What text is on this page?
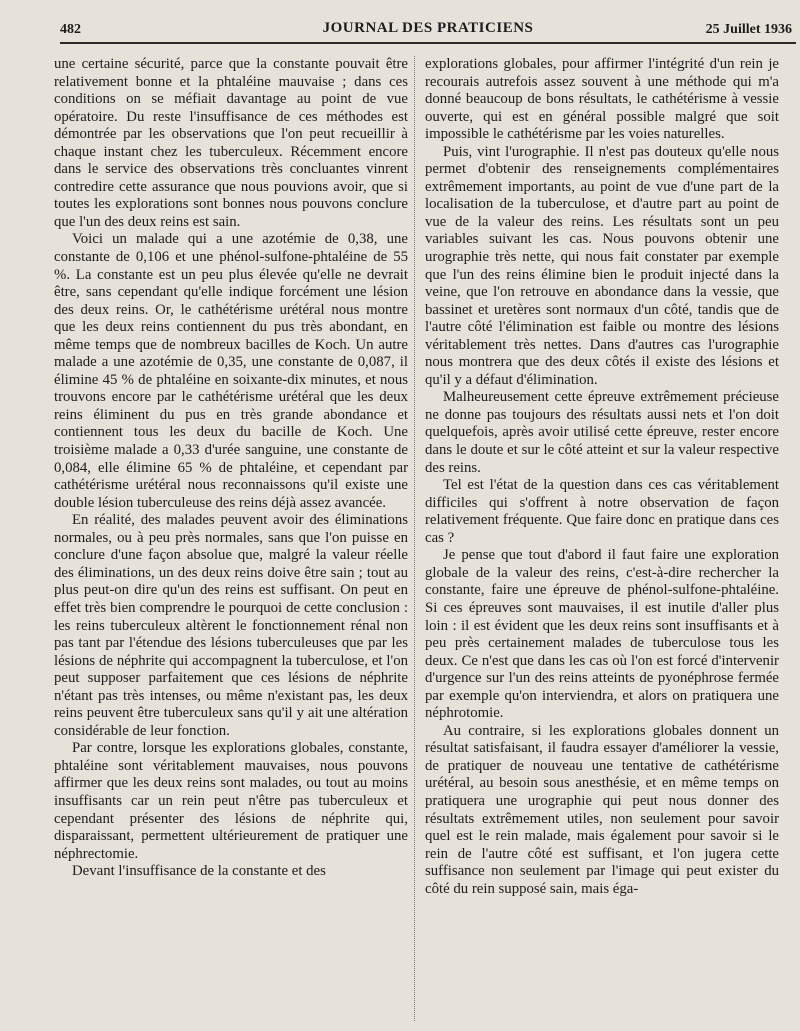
482	JOURNAL DES PRATICIENS	25 Juillet 1936

une certaine sécurité, parce que la constante pouvait être relativement bonne et la phtaléine mauvaise ; dans ces conditions on se méfiait davantage au point de vue opératoire. Du reste l'insuffisance de ces méthodes est démontrée par les observations que l'on peut recueillir à chaque instant chez les tuberculeux. Récemment encore dans le service des observations très concluantes vinrent contredire cette assurance que nous pouvions avoir, que si toutes les explorations sont bonnes nous pouvons conclure que l'un des deux reins est sain.

Voici un malade qui a une azotémie de 0,38, une constante de 0,106 et une phénol-sulfone-phtaléine de 55 %. La constante est un peu plus élevée qu'elle ne devrait être, sans cependant qu'elle indique forcément une lésion des deux reins. Or, le cathétérisme urétéral nous montre que les deux reins contiennent du pus très abondant, en même temps que de nombreux bacilles de Koch. Un autre malade a une azotémie de 0,35, une constante de 0,087, il élimine 45 % de phtaléine en soixante-dix minutes, et nous trouvons encore par le cathétérisme urétéral que les deux reins éliminent du pus en très grande abondance et contiennent tous les deux du bacille de Koch. Une troisième malade a 0,33 d'urée sanguine, une constante de 0,084, elle élimine 65 % de phtaléine, et cependant par cathétérisme urétéral nous reconnaissons qu'il existe une double lésion tuberculeuse des reins déjà assez avancée.

En réalité, des malades peuvent avoir des éliminations normales, ou à peu près normales, sans que l'on puisse en conclure d'une façon absolue que, malgré la valeur réelle des éliminations, un des deux reins doive être sain ; tout au plus peut-on dire qu'un des reins est suffisant. On peut en effet très bien comprendre le pourquoi de cette conclusion : les reins tuberculeux altèrent le fonctionnement rénal non pas tant par l'étendue des lésions tuberculeuses que par les lésions de néphrite qui accompagnent la tuberculose, et l'on peut supposer parfaitement que ces lésions de néphrite n'étant pas très intenses, ou même n'existant pas, les deux reins peuvent être tuberculeux sans qu'il y ait une altération considérable de leur fonction.

Par contre, lorsque les explorations globales, constante, phtaléine sont véritablement mauvaises, nous pouvons affirmer que les deux reins sont malades, ou tout au moins insuffisants car un rein peut n'être pas tuberculeux et cependant présenter des lésions de néphrite qui, disparaissant, permettent ultérieurement de pratiquer une néphrectomie.

Devant l'insuffisance de la constante et des

explorations globales, pour affirmer l'intégrité d'un rein je recourais autrefois assez souvent à une méthode qui m'a donné beaucoup de bons résultats, le cathétérisme à vessie ouverte, qui est en général possible malgré que soit impossible le cathétérisme par les voies naturelles.

Puis, vint l'urographie. Il n'est pas douteux qu'elle nous permet d'obtenir des renseignements complémentaires extrêmement importants, au point de vue d'une part de la localisation de la tuberculose, et d'autre part au point de vue de la valeur des reins. Les résultats sont un peu variables suivant les cas. Nous pouvons obtenir une urographie très nette, qui nous fait constater par exemple que l'un des reins élimine bien le produit injecté dans la veine, que l'on retrouve en abondance dans la vessie, que bassinet et uretères sont normaux d'un côté, tandis que de l'autre côté l'élimination est faible ou montre des lésions véritablement très nettes. Dans d'autres cas l'urographie nous montrera que des deux côtés il existe des lésions et qu'il y a défaut d'élimination.

Malheureusement cette épreuve extrêmement précieuse ne donne pas toujours des résultats aussi nets et l'on doit quelquefois, après avoir utilisé cette épreuve, rester encore dans le doute et sur le côté atteint et sur la valeur respective des reins.

Tel est l'état de la question dans ces cas véritablement difficiles qui s'offrent à notre observation de façon relativement fréquente. Que faire donc en pratique dans ces cas ?

Je pense que tout d'abord il faut faire une exploration globale de la valeur des reins, c'est-à-dire rechercher la constante, faire une épreuve de phénol-sulfone-phtaléine. Si ces épreuves sont mauvaises, il est inutile d'aller plus loin : il est évident que les deux reins sont insuffisants et à peu près certainement malades de tuberculose tous les deux. Ce n'est que dans les cas où l'on est forcé d'intervenir d'urgence sur l'un des reins atteints de pyonéphrose fermée par exemple qu'on interviendra, et alors on pratiquera une néphrotomie.

Au contraire, si les explorations globales donnent un résultat satisfaisant, il faudra essayer d'améliorer la vessie, de pratiquer de nouveau une tentative de cathétérisme urétéral, au besoin sous anesthésie, et en même temps on pratiquera une urographie qui peut nous donner des résultats extrêmement utiles, non seulement pour savoir quel est le rein malade, mais également pour savoir si le rein de l'autre côté est suffisant, et l'on jugera cette suffisance non seulement par l'image qui peut exister du côté du rein supposé sain, mais éga-
